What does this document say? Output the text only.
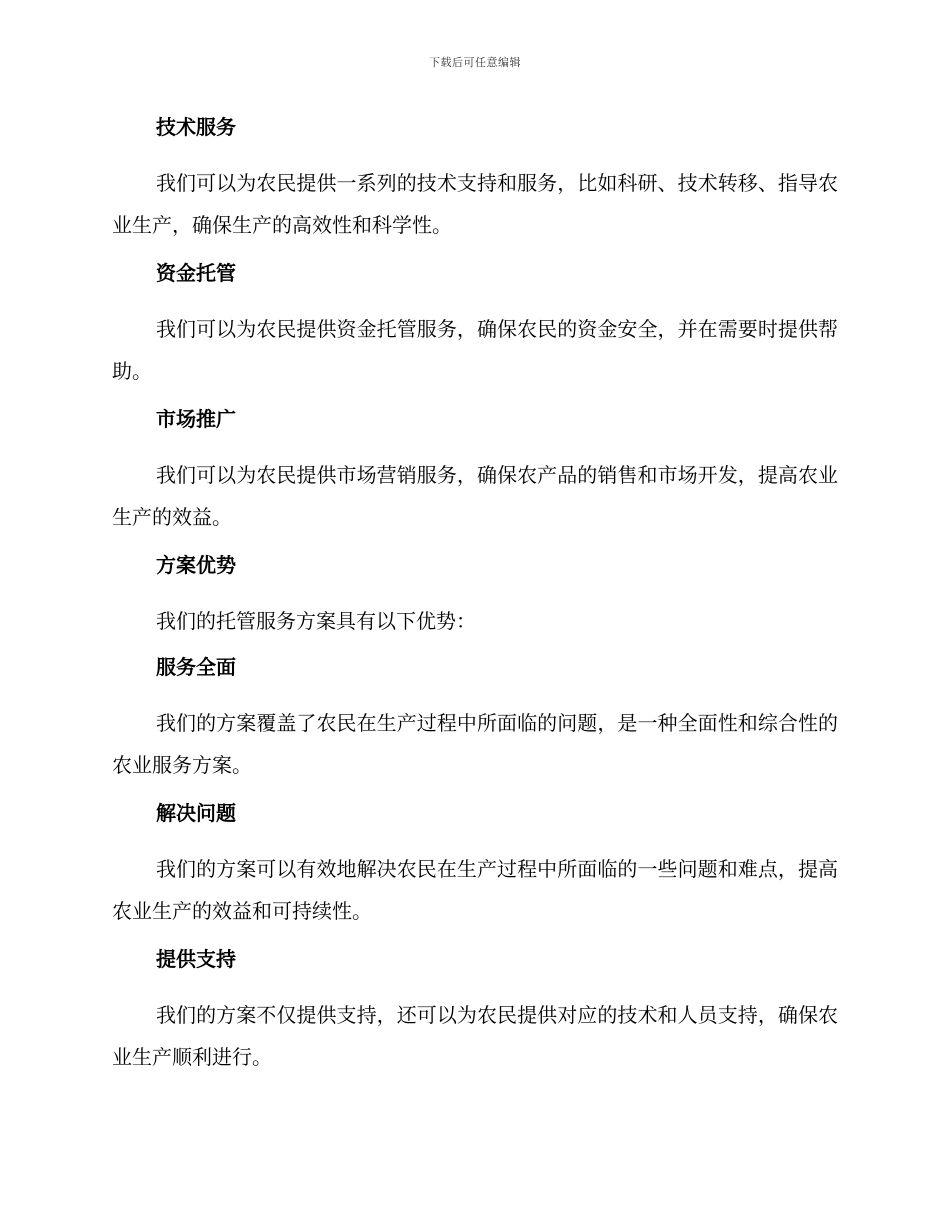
下载后可任意编辑
技术服务

我们可以为农民提供一系列的技术支持和服务，比如科研、技术转移、指导农业生产，确保生产的高效性和科学性。

资金托管

我们可以为农民提供资金托管服务，确保农民的资金安全，并在需要时提供帮助。

市场推广

我们可以为农民提供市场营销服务，确保农产品的销售和市场开发，提高农业生产的效益。

方案优势

我们的托管服务方案具有以下优势：

服务全面

我们的方案覆盖了农民在生产过程中所面临的问题，是一种全面性和综合性的农业服务方案。

解决问题

我们的方案可以有效地解决农民在生产过程中所面临的一些问题和难点，提高农业生产的效益和可持续性。

提供支持

我们的方案不仅提供支持，还可以为农民提供对应的技术和人员支持，确保农业生产顺利进行。
